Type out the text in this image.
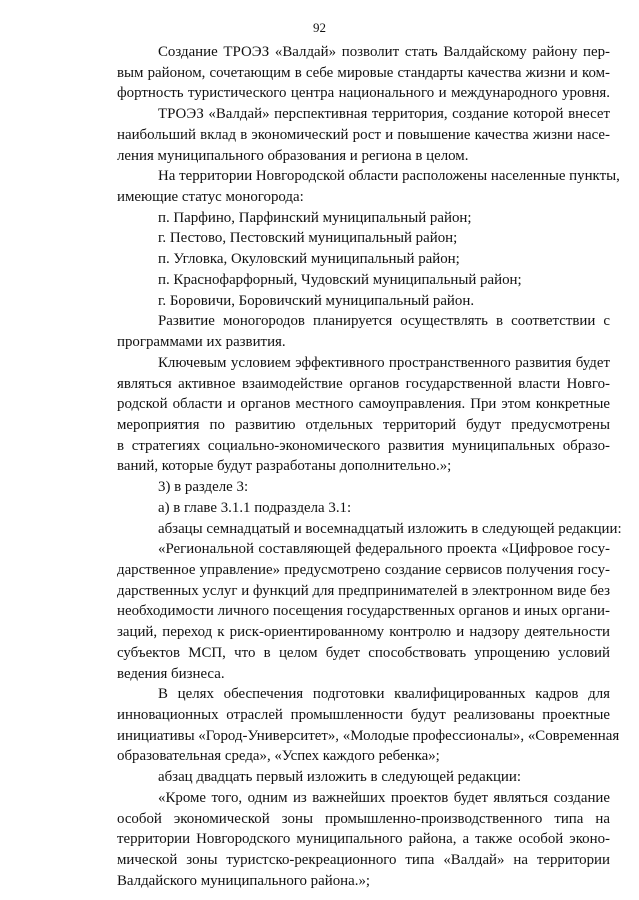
92
Создание ТРОЭЗ «Валдай» позволит стать Валдайскому району пер-
вым районом, сочетающим в себе мировые стандарты качества жизни и ком-
фортность туристического центра национального и международного уровня.
ТРОЭЗ «Валдай» перспективная территория, создание которой внесет
наибольший вклад в экономический рост и повышение качества жизни насе-
ления муниципального образования и региона в целом.
На территории Новгородской области расположены населенные пункты,
имеющие статус моногорода:
п. Парфино, Парфинский муниципальный район;
г. Пестово, Пестовский муниципальный район;
п. Угловка, Окуловский муниципальный район;
п. Краснофарфорный, Чудовский муниципальный район;
г. Боровичи, Боровичский муниципальный район.
Развитие моногородов планируется осуществлять в соответствии с
программами их развития.
Ключевым условием эффективного пространственного развития будет
являться активное взаимодействие органов государственной власти Новго-
родской области и органов местного самоуправления. При этом конкретные
мероприятия по развитию отдельных территорий будут предусмотрены
в стратегиях социально-экономического развития муниципальных образо-
ваний, которые будут разработаны дополнительно.»;
3) в разделе 3:
а) в главе 3.1.1 подраздела 3.1:
абзацы семнадцатый и восемнадцатый изложить в следующей редакции:
«Региональной составляющей федерального проекта «Цифровое госу-
дарственное управление» предусмотрено создание сервисов получения госу-
дарственных услуг и функций для предпринимателей в электронном виде без
необходимости личного посещения государственных органов и иных органи-
заций, переход к риск-ориентированному контролю и надзору деятельности
субъектов МСП, что в целом будет способствовать упрощению условий
ведения бизнеса.
В целях обеспечения подготовки квалифицированных кадров для
инновационных отраслей промышленности будут реализованы проектные
инициативы «Город-Университет», «Молодые профессионалы», «Современная
образовательная среда», «Успех каждого ребенка»;
абзац двадцать первый изложить в следующей редакции:
«Кроме того, одним из важнейших проектов будет являться создание
особой экономической зоны промышленно-производственного типа на
территории Новгородского муниципального района, а также особой эконо-
мической зоны туристско-рекреационного типа «Валдай» на территории
Валдайского муниципального района.»;
